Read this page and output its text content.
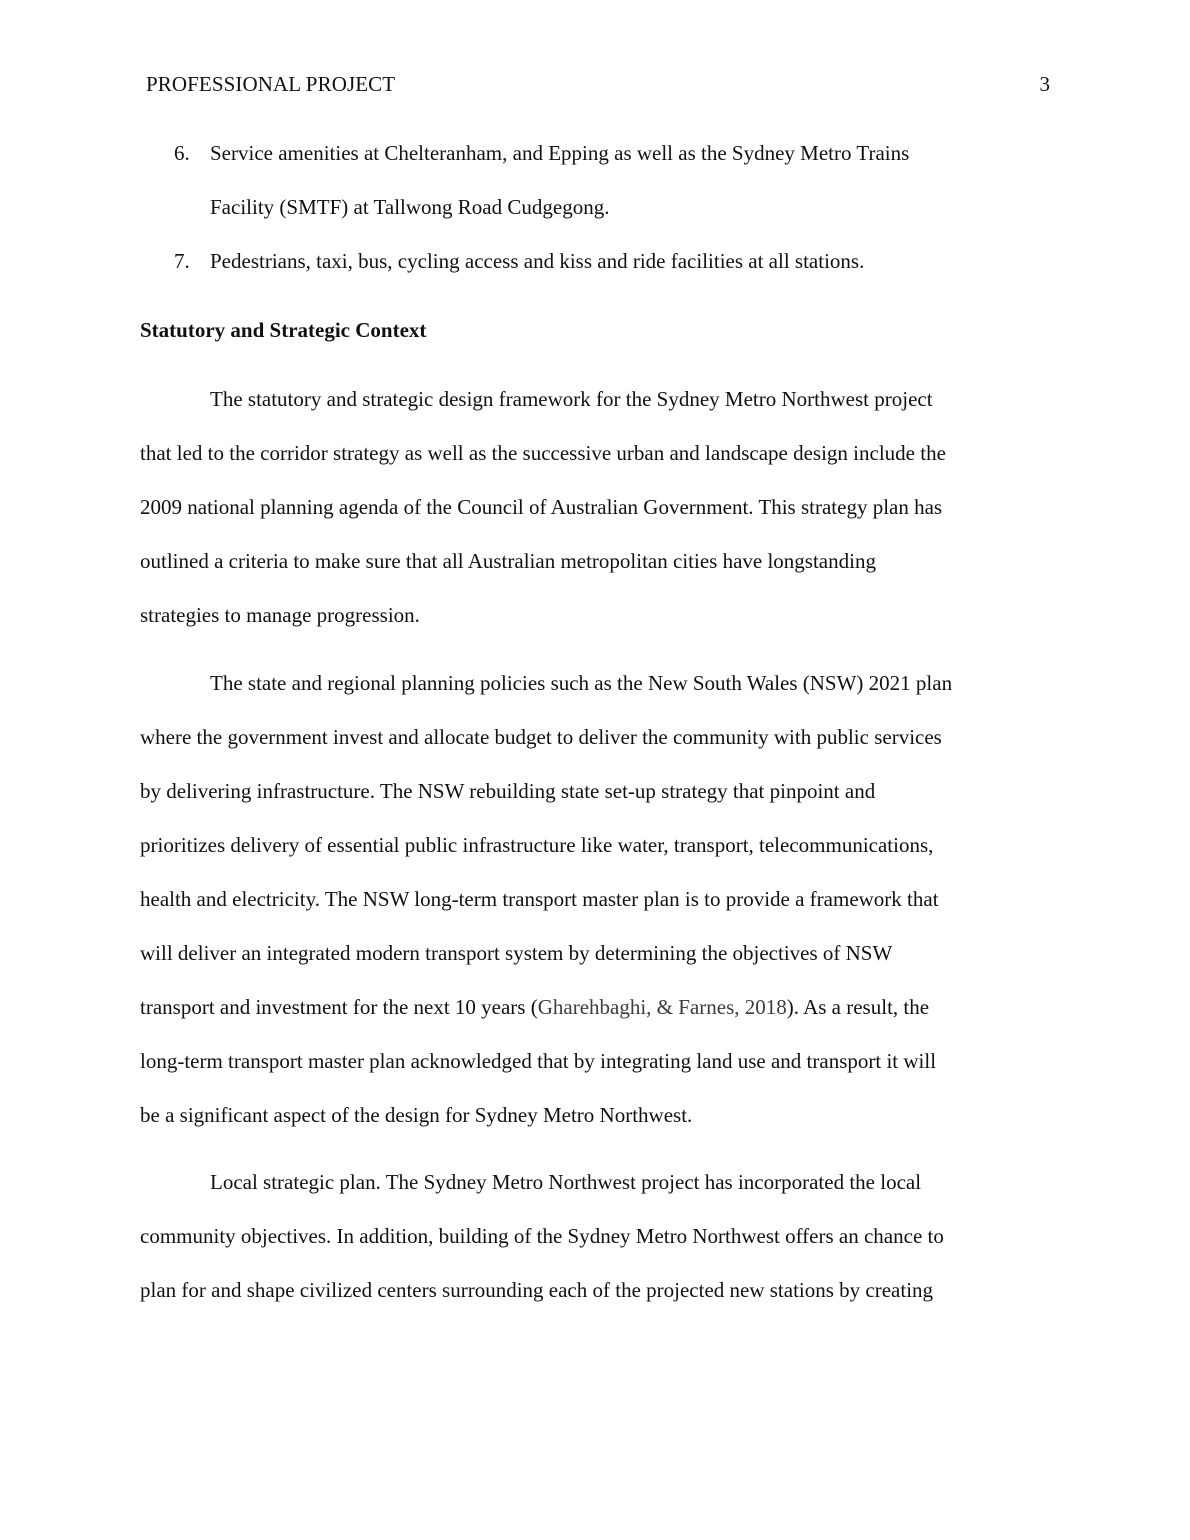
PROFESSIONAL PROJECT	3
6. Service amenities at Chelteranham, and Epping as well as the Sydney Metro Trains
Facility (SMTF) at Tallwong Road Cudgegong.
7. Pedestrians, taxi, bus, cycling access and kiss and ride facilities at all stations.
Statutory and Strategic Context

The statutory and strategic design framework for the Sydney Metro Northwest project
that led to the corridor strategy as well as the successive urban and landscape design include the
2009 national planning agenda of the Council of Australian Government. This strategy plan has
outlined a criteria to make sure that all Australian metropolitan cities have longstanding
strategies to manage progression.

The state and regional planning policies such as the New South Wales (NSW) 2021 plan
where the government invest and allocate budget to deliver the community with public services
by delivering infrastructure. The NSW rebuilding state set-up strategy that pinpoint and
prioritizes delivery of essential public infrastructure like water, transport, telecommunications,
health and electricity. The NSW long-term transport master plan is to provide a framework that
will deliver an integrated modern transport system by determining the objectives of NSW
transport and investment for the next 10 years (Gharehbaghi, & Farnes, 2018). As a result, the
long-term transport master plan acknowledged that by integrating land use and transport it will
be a significant aspect of the design for Sydney Metro Northwest.

Local strategic plan. The Sydney Metro Northwest project has incorporated the local
community objectives. In addition, building of the Sydney Metro Northwest offers an chance to
plan for and shape civilized centers surrounding each of the projected new stations by creating
